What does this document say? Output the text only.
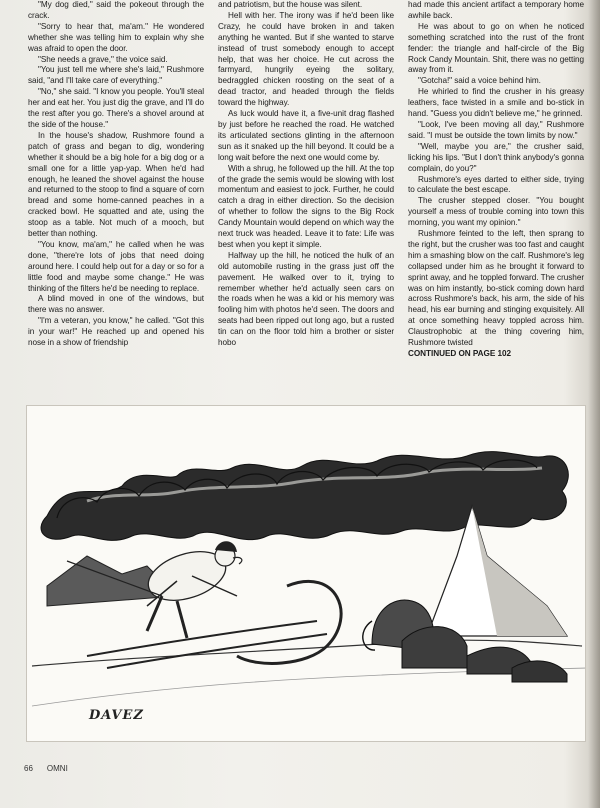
"My dog died," said the pokeout through the crack.

"Sorry to hear that, ma'am." He wondered whether she was telling him to explain why she was afraid to open the door.

"She needs a grave," the voice said.

"You just tell me where she's laid," Rushmore said, "and I'll take care of everything."

"No," she said. "I know you people. You'll steal her and eat her. You just dig the grave, and I'll do the rest after you go. There's a shovel around at the side of the house."

In the house's shadow, Rushmore found a patch of grass and began to dig, wondering whether it should be a big hole for a big dog or a small one for a little yap-yap. When he'd had enough, he leaned the shovel against the house and returned to the stoop to find a square of corn bread and some home-canned peaches in a cracked bowl. He squatted and ate, using the stoop as a table. Not much of a mooch, but better than nothing.

"You know, ma'am," he called when he was done, "there're lots of jobs that need doing around here. I could help out for a day or so for a little food and maybe some change." He was thinking of the filters he'd be needing to replace.

A blind moved in one of the windows, but there was no answer.

"I'm a veteran, you know," he called. "Got this in your war!" He reached up and opened his nose in a show of friendship

and patriotism, but the house was silent.

Hell with her. The irony was if he'd been like Crazy, he could have broken in and taken anything he wanted. But if she wanted to starve instead of trust somebody enough to accept help, that was her choice. He cut across the farmyard, hungrily eyeing the solitary, bedraggled chicken roosting on the seat of a dead tractor, and headed through the fields toward the highway.

As luck would have it, a five-unit drag flashed by just before he reached the road. He watched its articulated sections glinting in the afternoon sun as it snaked up the hill beyond. It could be a long wait before the next one would come by.

With a shrug, he followed up the hill. At the top of the grade the semis would be slowing with lost momentum and easiest to jock. Further, he could catch a drag in either direction. So the decision of whether to follow the signs to the Big Rock Candy Mountain would depend on which way the next truck was headed. Leave it to fate: Life was best when you kept it simple.

Halfway up the hill, he noticed the hulk of an old automobile rusting in the grass just off the pavement. He walked over to it, trying to remember whether he'd actually seen cars on the roads when he was a kid or his memory was fooling him with photos he'd seen. The doors and seats had been ripped out long ago, but a rusted tin can on the floor told him a brother or sister hobo

had made this ancient artifact a temporary home awhile back.

He was about to go on when he noticed something scratched into the rust of the front fender: the triangle and half-circle of the Big Rock Candy Mountain. Shit, there was no getting away from it.

"Gotcha!" said a voice behind him.

He whirled to find the crusher in his greasy leathers, face twisted in a smile and bo-stick in hand. "Guess you didn't believe me," he grinned.

"Look, I've been moving all day," Rushmore said. "I must be outside the town limits by now."

"Well, maybe you are," the crusher said, licking his lips. "But I don't think anybody's gonna complain, do you?"

Rushmore's eyes darted to either side, trying to calculate the best escape.

The crusher stepped closer. "You bought yourself a mess of trouble coming into town this morning, you want my opinion."

Rushmore feinted to the left, then sprang to the right, but the crusher was too fast and caught him a smashing blow on the calf. Rushmore's leg collapsed under him as he brought it forward to sprint away, and he toppled forward. The crusher was on him instantly, bo-stick coming down hard across Rushmore's back, his arm, the side of his head, his ear burning and stinging exquisitely. All at once something heavy toppled across him. Claustrophobic at the thing covering him, Rushmore twisted

CONTINUED ON PAGE 102

DAVEZ
66 OMNI
